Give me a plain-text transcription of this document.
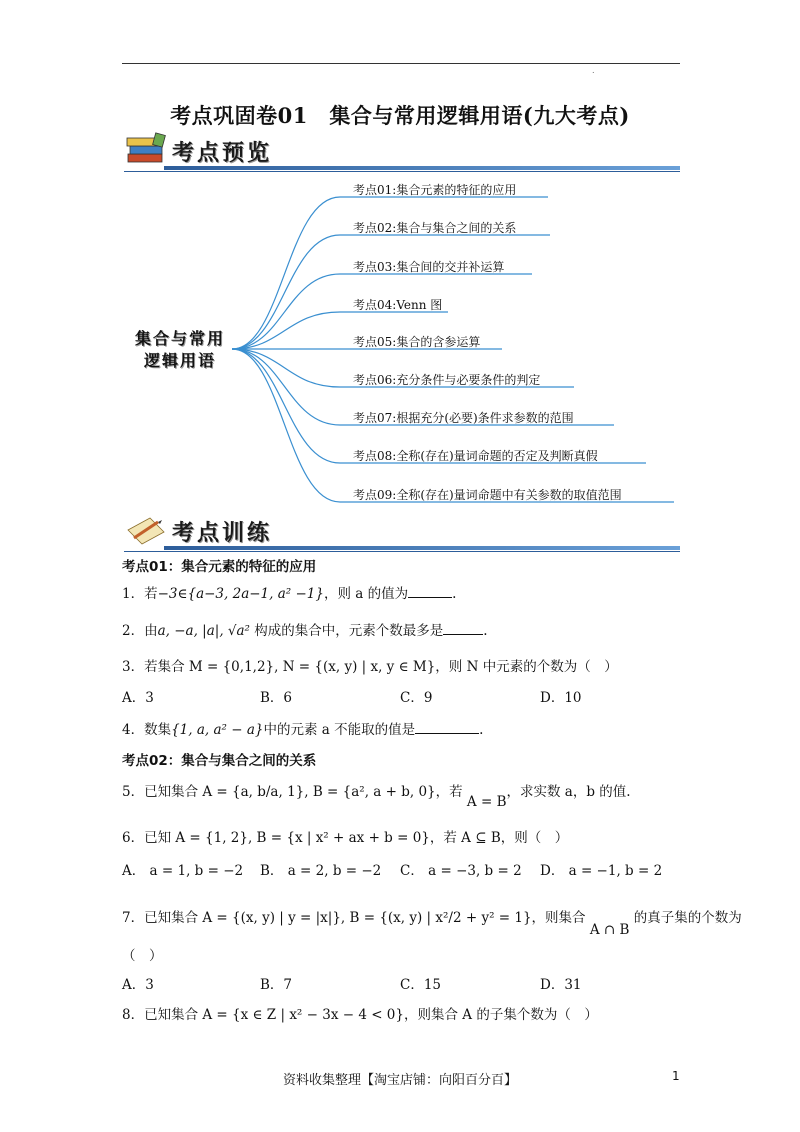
.
考点巩固卷01　集合与常用逻辑用语(九大考点)
考点预览
集合与常用
逻辑用语
考点01:集合元素的特征的应用
考点02:集合与集合之间的关系
考点03:集合间的交并补运算
考点04:Venn 图
考点05:集合的含参运算
考点06:充分条件与必要条件的判定
考点07:根据充分(必要)条件求参数的范围
考点08:全称(存在)量词命题的否定及判断真假
考点09:全称(存在)量词命题中有关参数的取值范围
考点训练
考点01：集合元素的特征的应用
1．若−3∈{a−3, 2a−1, a² −1}，则 a 的值为	.
2．由a, −a, |a|, √a² 构成的集合中，元素个数最多是	.
3．若集合 M = {0,1,2}, N = {(x, y) | x, y ∈ M}，则 N 中元素的个数为（　）
A．3	B．6	C．9	D．10
4．数集{1, a, a² − a}中的元素 a 不能取的值是	.
考点02：集合与集合之间的关系
5．已知集合 A = {a, b/a, 1}, B = {a², a + b, 0}，若 A = B，求实数 a，b 的值.
6．已知 A = {1, 2}, B = {x | x² + ax + b = 0}，若 A ⊆ B，则（　）
A． a = 1, b = −2 B． a = 2, b = −2 C． a = −3, b = 2 D． a = −1, b = 2
7．已知集合 A = {(x, y) | y = |x|}, B = {(x, y) | x²/2 + y² = 1}，则集合 A ∩ B 的真子集的个数为
（　）
A．3	B．7	C．15	D．31
8．已知集合 A = {x ∈ Z | x² − 3x − 4 < 0}，则集合 A 的子集个数为（　）
资料收集整理【淘宝店铺：向阳百分百】	1
